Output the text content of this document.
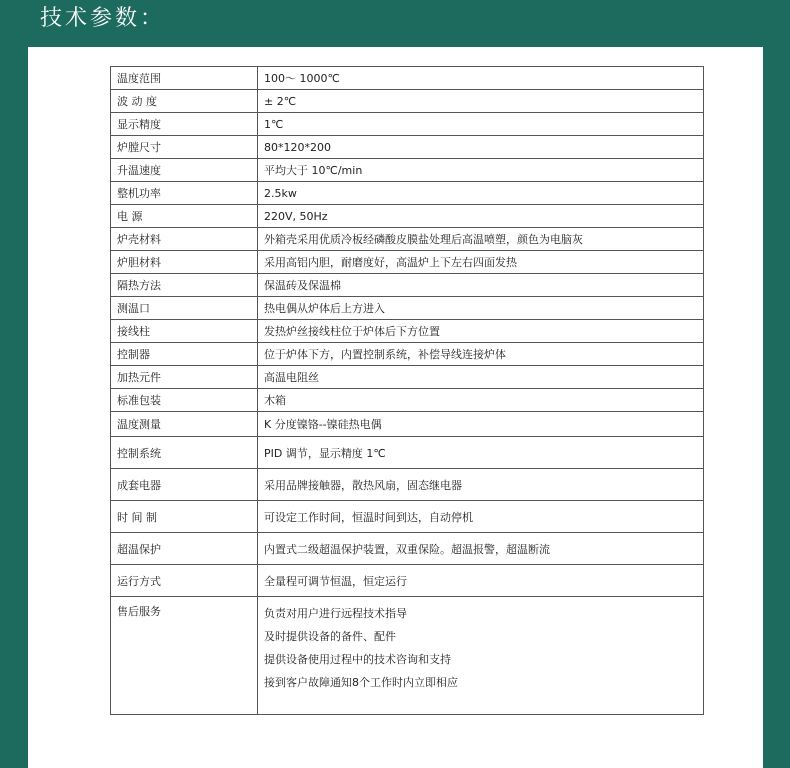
技术参数：
温度范围	100～ 1000℃
波 动 度	± 2℃
显示精度	1℃
炉膛尺寸	80*120*200
升温速度	平均大于 10℃/min
整机功率	2.5kw
电 源	220V, 50Hz
炉壳材料	外箱壳采用优质冷板经磷酸皮膜盐处理后高温喷塑，颜色为电脑灰
炉胆材料	采用高铝内胆，耐磨度好，高温炉上下左右四面发热
隔热方法	保温砖及保温棉
测温口	热电偶从炉体后上方进入
接线柱	发热炉丝接线柱位于炉体后下方位置
控制器	位于炉体下方，内置控制系统，补偿导线连接炉体
加热元件	高温电阻丝
标准包装	木箱
温度测量	K 分度镍铬--镍硅热电偶
控制系统	PID 调节，显示精度 1℃
成套电器	采用品牌接触器，散热风扇，固态继电器
时 间 制	可设定工作时间，恒温时间到达，自动停机
超温保护	内置式二级超温保护装置，双重保险。超温报警，超温断流
运行方式	全量程可调节恒温，恒定运行
售后服务	负责对用户进行远程技术指导
及时提供设备的备件、配件
提供设备使用过程中的技术咨询和支持
接到客户故障通知8个工作时内立即相应
